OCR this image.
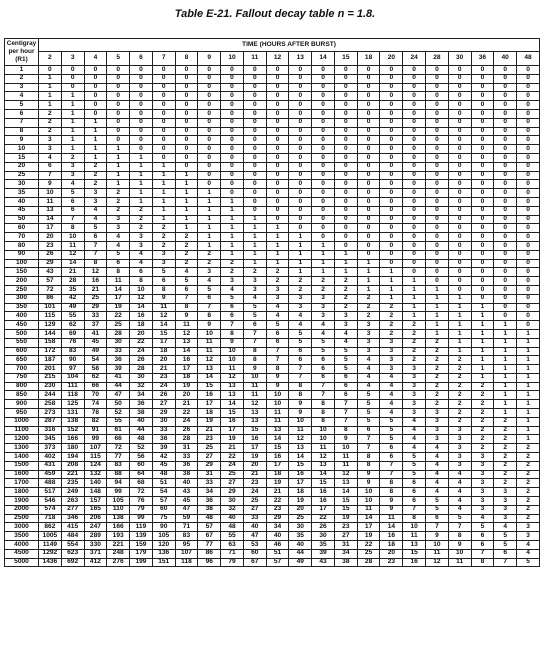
Table E-21. Fallout decay table n = 1.8.
Centigray per hour (R1)	TIME (HOURS AFTER BURST)																					
	2	3	4	5	6	7	8	9	10	11	12	13	14	15	18	20	24	28	30	36	40	48
1	0	0	0	0	0	0	0	0	0	0	0	0	0	0	0	0	0	0	0	0	0	0
2	1	0	0	0	0	0	0	0	0	0	0	0	0	0	0	0	0	0	0	0	0	0
3	1	0	0	0	0	0	0	0	0	0	0	0	0	0	0	0	0	0	0	0	0	0
4	1	1	0	0	0	0	0	0	0	0	0	0	0	0	0	0	0	0	0	0	0	0
5	1	1	0	0	0	0	0	0	0	0	0	0	0	0	0	0	0	0	0	0	0	0
6	2	1	0	0	0	0	0	0	0	0	0	0	0	0	0	0	0	0	0	0	0	0
7	2	1	1	0	0	0	0	0	0	0	0	0	0	0	0	0	0	0	0	0	0	0
8	2	1	1	0	0	0	0	0	0	0	0	0	0	0	0	0	0	0	0	0	0	0
9	3	1	1	0	0	0	0	0	0	0	0	0	0	0	0	0	0	0	0	0	0	0
10	3	1	1	1	0	0	0	0	0	0	0	0	0	0	0	0	0	0	0	0	0	0
15	4	2	1	1	1	0	0	0	0	0	0	0	0	0	0	0	0	0	0	0	0	0
20	6	3	2	1	1	1	0	0	0	0	0	0	0	0	0	0	0	0	0	0	0	0
25	7	3	2	1	1	1	1	0	0	0	0	0	0	0	0	0	0	0	0	0	0	0
30	9	4	2	1	1	1	1	0	0	0	0	0	0	0	0	0	0	0	0	0	0	0
35	10	5	3	2	1	1	1	1	0	0	0	0	0	0	0	0	0	0	0	0	0	0
40	11	6	3	2	1	1	1	1	1	0	0	0	0	0	0	0	0	0	0	0	0	0
45	13	6	4	2	2	1	1	1	1	0	0	0	0	0	0	0	0	0	0	0	0	0
50	14	7	4	3	2	1	1	1	1	1	0	0	0	0	0	0	0	0	0	0	0	0
60	17	8	5	3	2	2	1	1	1	1	1	0	0	0	0	0	0	0	0	0	0	0
70	20	10	6	4	3	2	2	1	1	1	1	1	0	0	0	0	0	0	0	0	0	0
80	23	11	7	4	3	2	2	1	1	1	1	1	1	0	0	0	0	0	0	0	0	0
90	26	12	7	5	4	3	2	2	1	1	1	1	1	1	0	0	0	0	0	0	0	0
100	29	14	8	6	4	3	2	2	2	1	1	1	1	1	1	0	0	0	0	0	0	0
150	43	21	12	8	6	5	4	3	2	2	2	1	1	1	1	1	0	0	0	0	0	0
200	57	28	16	11	8	6	5	4	3	3	2	2	2	2	1	1	1	0	0	0	0	0
250	72	35	21	14	10	8	6	5	4	3	3	2	2	2	1	1	1	1	0	0	0	0
300	86	42	25	17	12	9	7	6	5	4	3	3	3	2	2	1	1	1	1	0	0	0
350	101	49	29	19	14	11	8	7	6	5	4	3	3	2	2	2	1	1	1	1	0	0
400	115	55	33	22	16	12	9	8	6	5	4	4	3	3	2	2	1	1	1	1	0	0
450	129	62	37	25	18	14	11	9	7	6	5	4	4	3	3	2	2	1	1	1	1	0
500	144	69	41	28	20	15	12	10	8	7	6	5	4	4	3	2	2	1	1	1	1	1
550	158	76	45	30	22	17	13	11	9	7	6	5	5	4	3	3	2	2	1	1	1	1
600	172	83	49	33	24	18	14	11	10	8	7	6	5	5	3	3	2	2	1	1	1	1
650	187	90	54	36	26	20	16	12	10	8	7	6	6	5	4	3	2	2	2	1	1	1
700	201	97	58	39	28	21	17	13	11	9	8	7	6	5	4	3	3	2	2	1	1	1
750	215	104	62	41	30	23	18	14	12	10	9	7	6	6	4	4	3	2	2	1	1	1
800	230	111	66	44	32	24	19	15	13	11	9	8	7	6	4	4	3	2	2	2	1	1
850	244	118	70	47	34	26	20	16	13	11	10	8	7	6	5	4	3	2	2	2	1	1
900	258	125	74	50	36	27	21	17	14	12	10	9	8	7	5	4	3	2	2	2	1	1
950	273	131	78	52	38	29	22	18	15	13	11	9	8	7	5	4	3	3	2	2	1	1
1000	287	138	82	55	40	30	24	19	16	13	11	10	8	7	5	5	4	3	2	2	2	1
1100	316	152	91	61	44	33	26	21	17	15	13	11	10	8	6	5	4	3	3	2	2	1
1200	345	166	99	66	48	36	28	23	19	16	14	12	10	9	7	5	4	3	3	2	2	1
1300	373	180	107	72	52	39	31	25	21	17	15	13	11	10	7	6	4	4	3	2	2	2
1400	402	194	115	77	56	42	33	27	22	19	16	14	12	11	8	6	5	4	3	3	2	2
1500	431	208	124	83	60	45	36	29	24	20	17	15	13	11	8	7	5	4	3	3	2	2
1600	459	221	132	88	64	48	38	31	25	21	18	16	14	12	9	7	5	4	4	3	2	2
1700	488	235	140	94	68	51	40	33	27	23	19	17	15	13	9	8	6	4	4	3	2	2
1800	517	249	148	99	72	54	43	34	29	24	21	18	16	14	10	8	6	4	4	3	3	2
1900	546	263	157	105	76	57	45	36	30	25	22	19	16	15	10	9	6	5	4	3	3	2
2000	574	277	165	110	79	60	47	38	32	27	23	20	17	15	11	9	7	5	4	3	3	2
2500	718	346	206	138	99	75	59	48	40	33	29	25	22	19	14	11	8	6	5	4	3	2
3000	862	415	247	166	119	90	71	57	48	40	34	30	26	23	17	14	10	7	7	5	4	3
3500	1005	484	289	193	139	105	83	67	55	47	40	35	30	27	19	16	11	9	8	6	5	3
4000	1149	554	330	221	159	120	95	77	63	53	46	40	35	31	22	18	13	10	9	6	5	4
4500	1292	623	371	248	179	136	107	86	71	60	51	44	39	34	25	20	15	11	10	7	6	4
5000	1436	692	412	276	199	151	118	96	79	67	57	49	43	38	28	23	16	12	11	8	7	5
